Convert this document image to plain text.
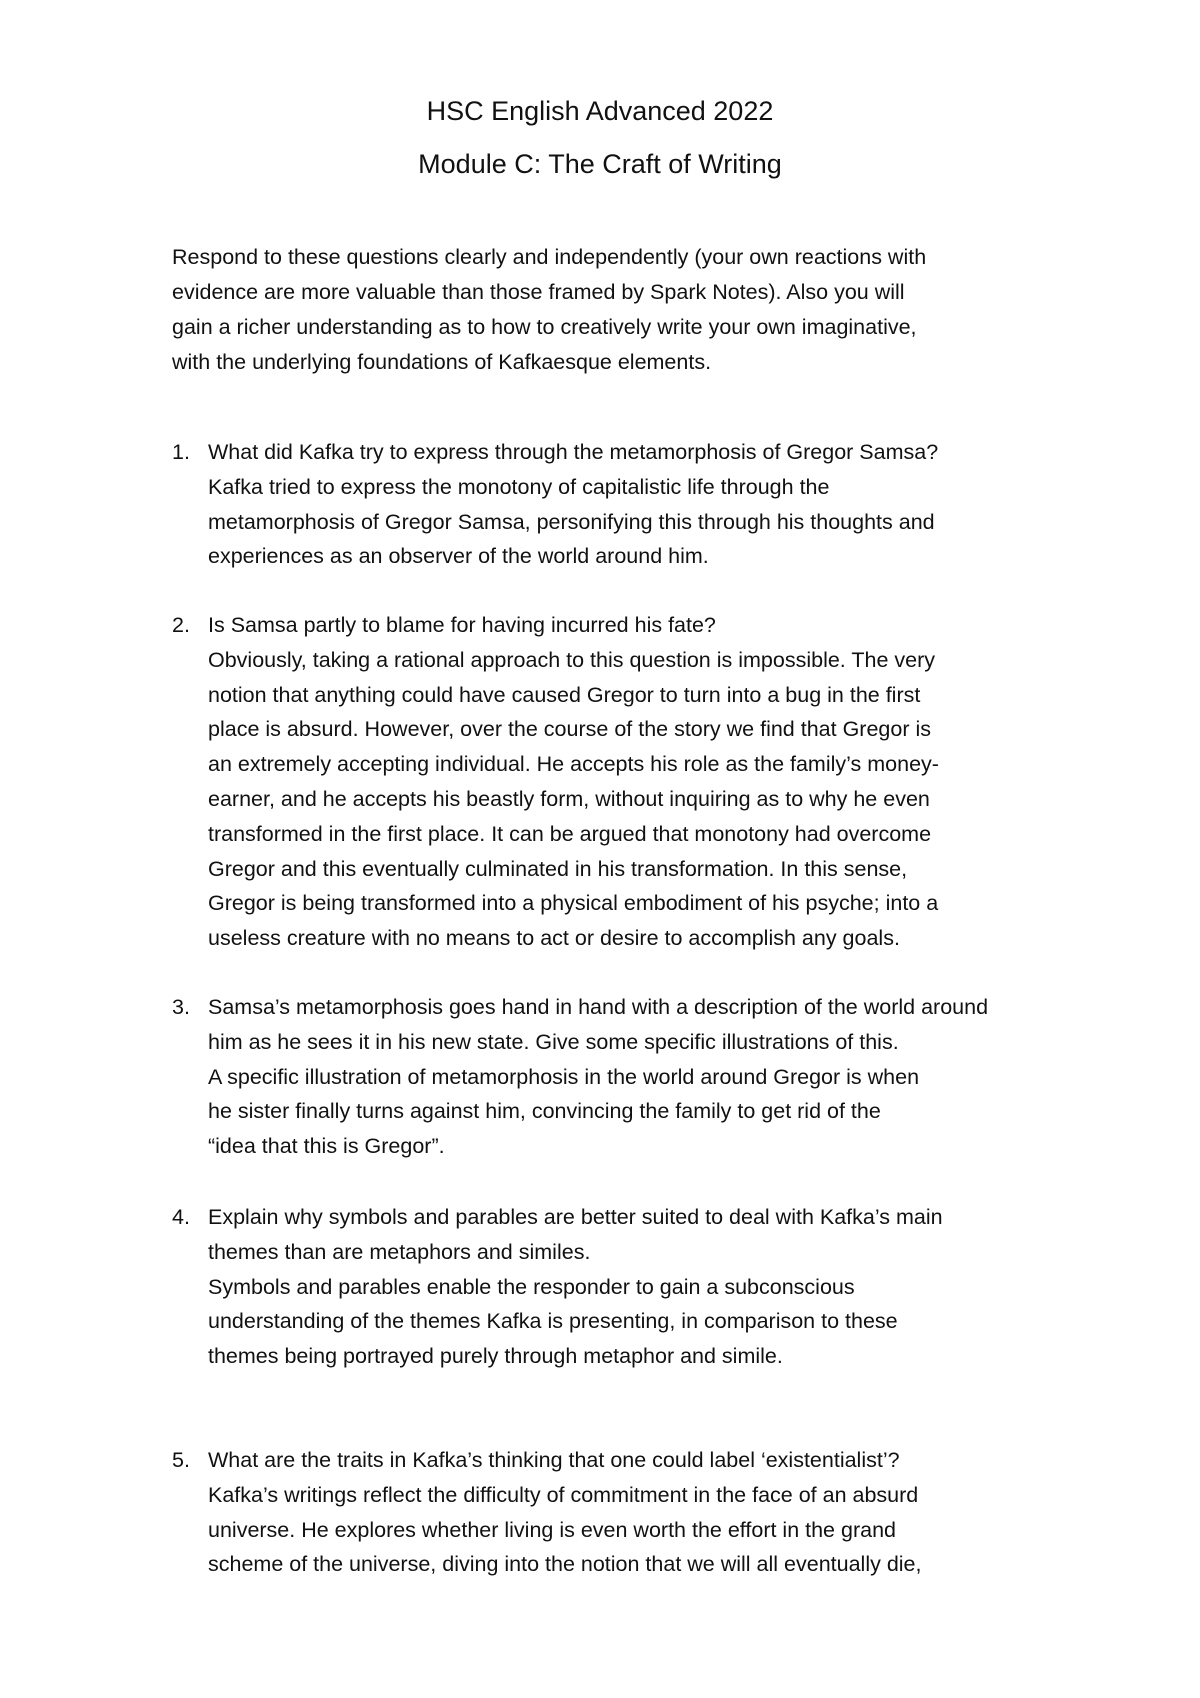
HSC English Advanced 2022
Module C: The Craft of Writing
Respond to these questions clearly and independently (your own reactions with
evidence are more valuable than those framed by Spark Notes). Also you will
gain a richer understanding as to how to creatively write your own imaginative,
with the underlying foundations of Kafkaesque elements.
1. What did Kafka try to express through the metamorphosis of Gregor Samsa?
Kafka tried to express the monotony of capitalistic life through the
metamorphosis of Gregor Samsa, personifying this through his thoughts and
experiences as an observer of the world around him.
2. Is Samsa partly to blame for having incurred his fate?
Obviously, taking a rational approach to this question is impossible. The very
notion that anything could have caused Gregor to turn into a bug in the first
place is absurd. However, over the course of the story we find that Gregor is
an extremely accepting individual. He accepts his role as the family’s money-
earner, and he accepts his beastly form, without inquiring as to why he even
transformed in the first place. It can be argued that monotony had overcome
Gregor and this eventually culminated in his transformation. In this sense,
Gregor is being transformed into a physical embodiment of his psyche; into a
useless creature with no means to act or desire to accomplish any goals.
3. Samsa’s metamorphosis goes hand in hand with a description of the world around
him as he sees it in his new state. Give some specific illustrations of this.
A specific illustration of metamorphosis in the world around Gregor is when
he sister finally turns against him, convincing the family to get rid of the
“idea that this is Gregor”.
4. Explain why symbols and parables are better suited to deal with Kafka’s main
themes than are metaphors and similes.
Symbols and parables enable the responder to gain a subconscious
understanding of the themes Kafka is presenting, in comparison to these
themes being portrayed purely through metaphor and simile.
5. What are the traits in Kafka’s thinking that one could label ‘existentialist’?
Kafka’s writings reflect the difficulty of commitment in the face of an absurd
universe. He explores whether living is even worth the effort in the grand
scheme of the universe, diving into the notion that we will all eventually die,
